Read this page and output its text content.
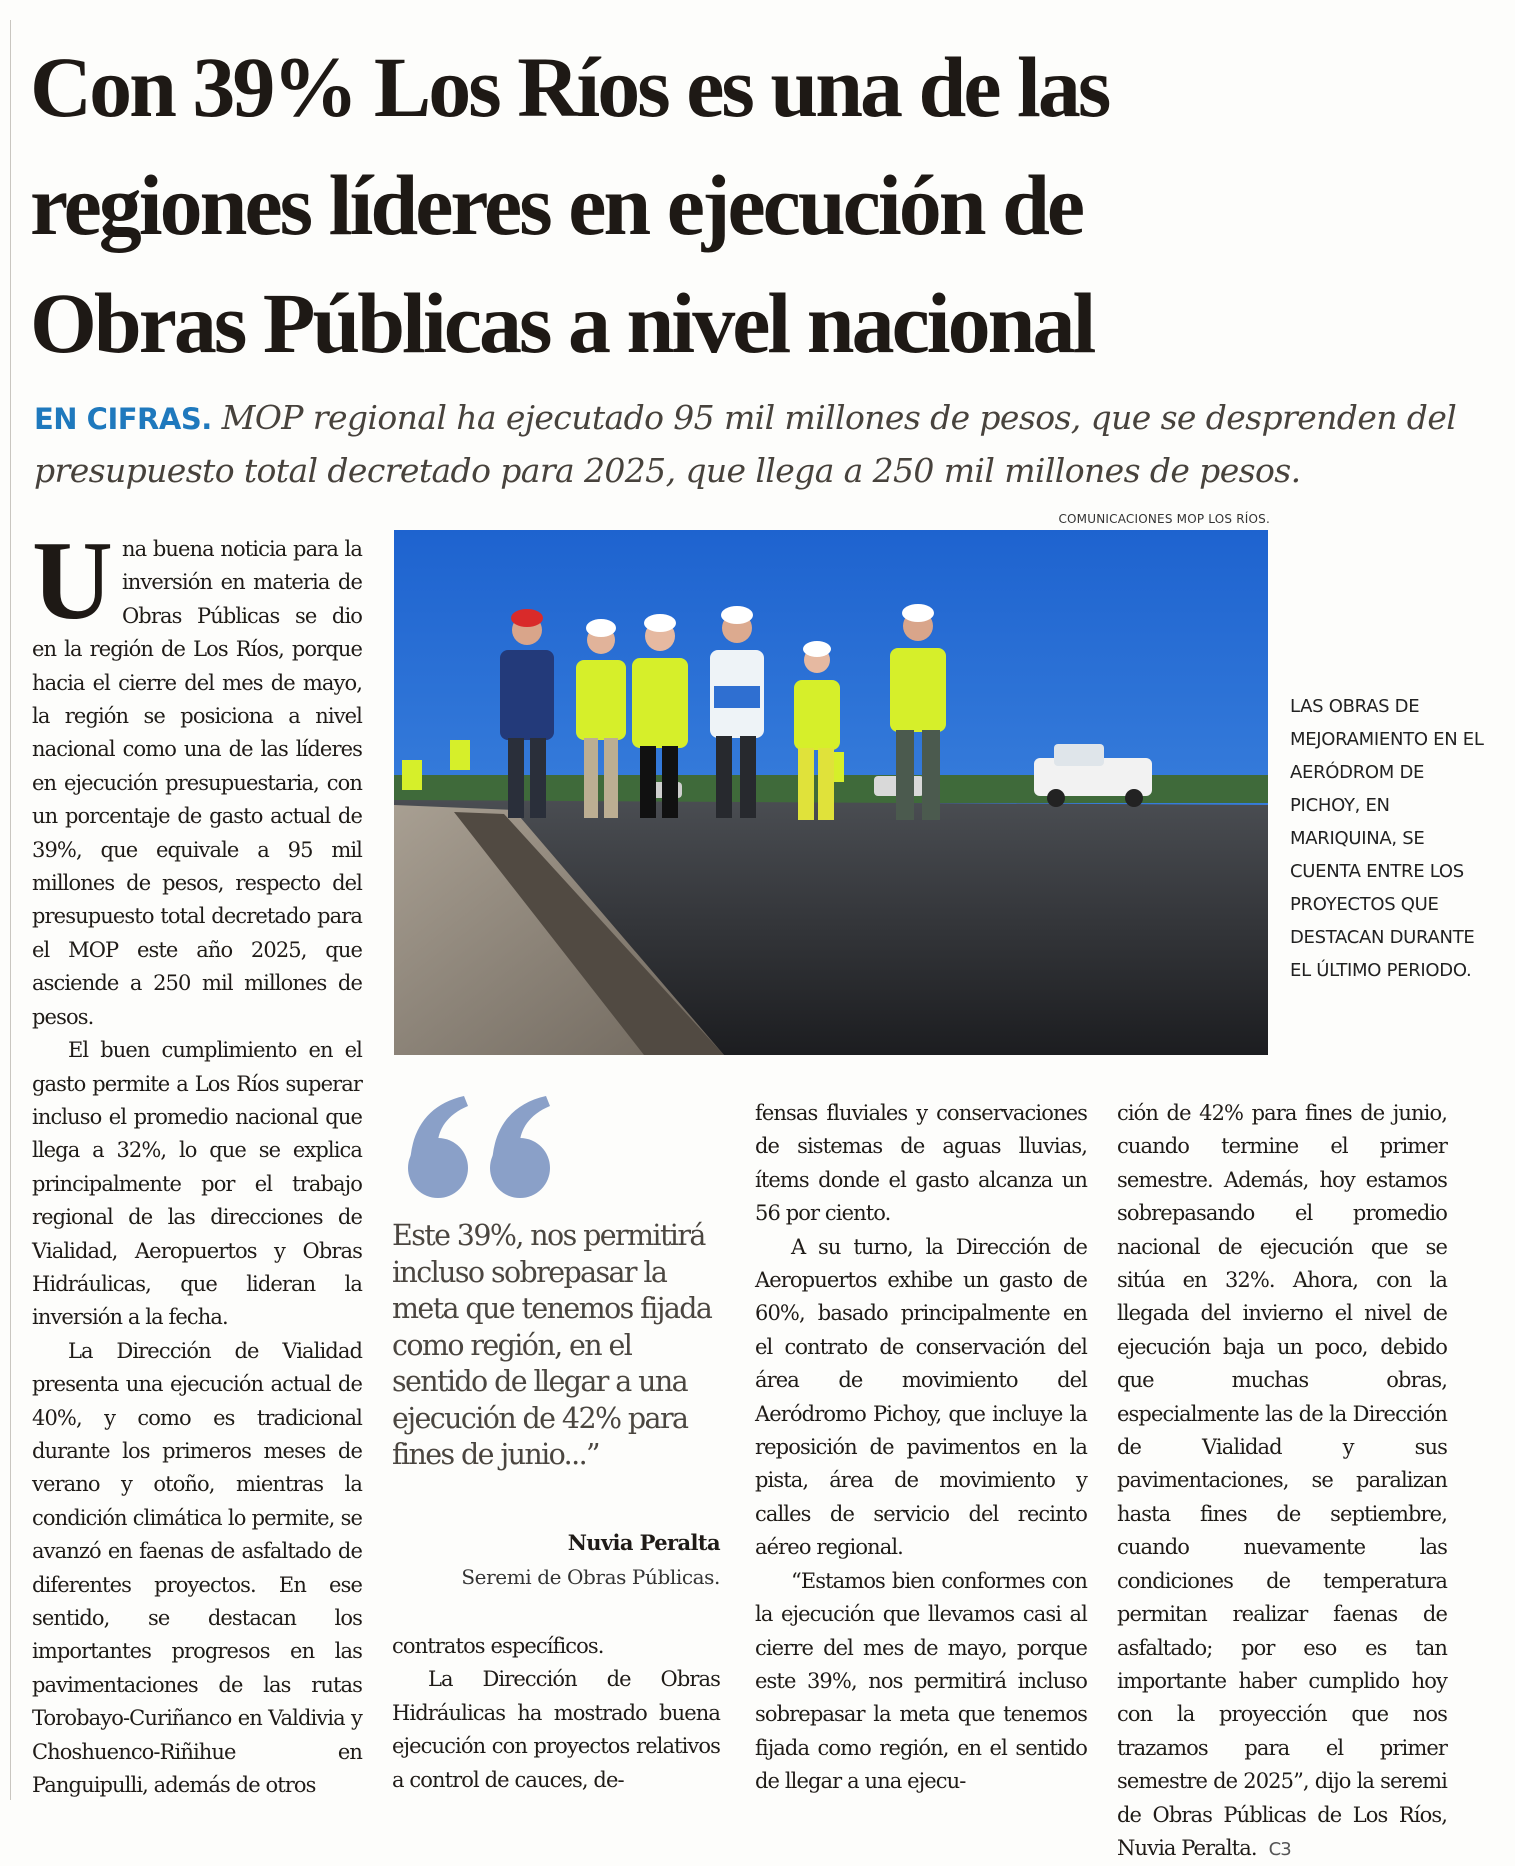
Con 39% Los Ríos es una de las
regiones líderes en ejecución de
Obras Públicas a nivel nacional
EN CIFRAS. MOP regional ha ejecutado 95 mil millones de pesos, que se desprenden del presupuesto total decretado para 2025, que llega a 250 mil millones de pesos.
COMUNICACIONES MOP LOS RÍOS.
LAS OBRAS DE MEJORAMIENTO EN EL AERÓDROM DE PICHOY, EN MARIQUINA, SE CUENTA ENTRE LOS PROYECTOS QUE DESTACAN DURANTE EL ÚLTIMO PERIODO.

Una buena noticia para la inversión en materia de Obras Públicas se dio en la región de Los Ríos, porque hacia el cierre del mes de mayo, la región se posiciona a nivel nacional como una de las líderes en ejecución presupuestaria, con un porcentaje de gasto actual de 39%, que equivale a 95 mil millones de pesos, respecto del presupuesto total decretado para el MOP este año 2025, que asciende a 250 mil millones de pesos.

El buen cumplimiento en el gasto permite a Los Ríos superar incluso el promedio nacional que llega a 32%, lo que se explica principalmente por el trabajo regional de las direcciones de Vialidad, Aeropuertos y Obras Hidráulicas, que lideran la inversión a la fecha.

La Dirección de Vialidad presenta una ejecución actual de 40%, y como es tradicional durante los primeros meses de verano y otoño, mientras la condición climática lo permite, se avanzó en faenas de asfaltado de diferentes proyectos. En ese sentido, se destacan los importantes progresos en las pavimentaciones de las rutas Torobayo-Curiñanco en Valdivia y Choshuenco-Riñihue en Panguipulli, además de otros

Este 39%, nos permitirá incluso sobrepasar la meta que tenemos fijada como región, en el sentido de llegar a una ejecución de 42% para fines de junio...”

Nuvia Peralta
Seremi de Obras Públicas.

contratos específicos.

La Dirección de Obras Hidráulicas ha mostrado buena ejecución con proyectos relativos a control de cauces, de-

fensas fluviales y conservaciones de sistemas de aguas lluvias, ítems donde el gasto alcanza un 56 por ciento.

A su turno, la Dirección de Aeropuertos exhibe un gasto de 60%, basado principalmente en el contrato de conservación del área de movimiento del Aeródromo Pichoy, que incluye la reposición de pavimentos en la pista, área de movimiento y calles de servicio del recinto aéreo regional.

“Estamos bien conformes con la ejecución que llevamos casi al cierre del mes de mayo, porque este 39%, nos permitirá incluso sobrepasar la meta que tenemos fijada como región, en el sentido de llegar a una ejecu-

ción de 42% para fines de junio, cuando termine el primer semestre. Además, hoy estamos sobrepasando el promedio nacional de ejecución que se sitúa en 32%. Ahora, con la llegada del invierno el nivel de ejecución baja un poco, debido que muchas obras, especialmente las de la Dirección de Vialidad y sus pavimentaciones, se paralizan hasta fines de septiembre, cuando nuevamente las condiciones de temperatura permitan realizar faenas de asfaltado; por eso es tan importante haber cumplido hoy con la proyección que nos trazamos para el primer semestre de 2025”, dijo la seremi de Obras Públicas de Los Ríos, Nuvia Peralta. C3
